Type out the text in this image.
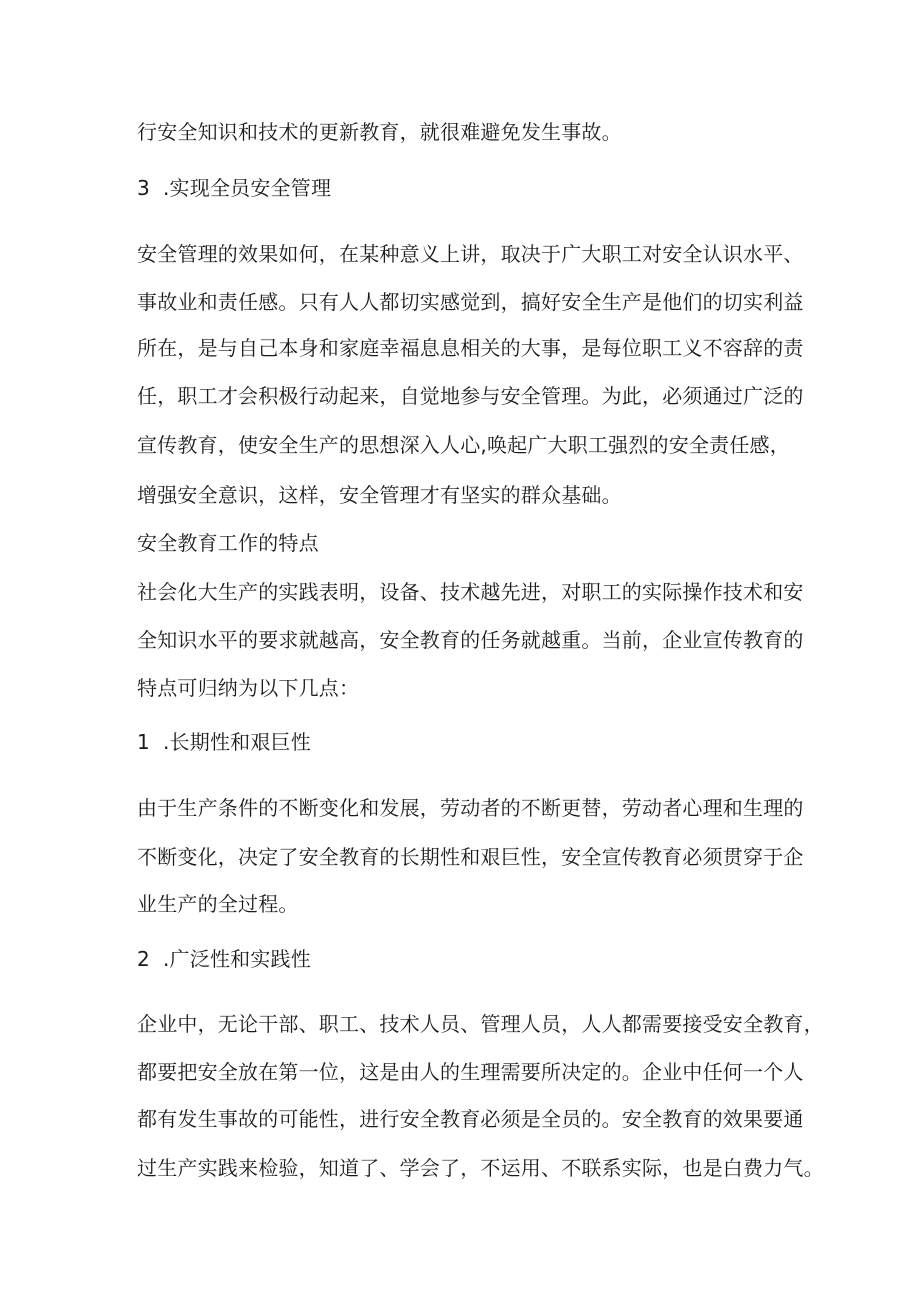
行安全知识和技术的更新教育，就很难避免发生事故。
3 .实现全员安全管理
安全管理的效果如何，在某种意义上讲，取决于广大职工对安全认识水平、
事故业和责任感。只有人人都切实感觉到，搞好安全生产是他们的切实利益
所在，是与自己本身和家庭幸福息息相关的大事，是每位职工义不容辞的责
任，职工才会积极行动起来，自觉地参与安全管理。为此，必须通过广泛的
宣传教育，使安全生产的思想深入人心,唤起广大职工强烈的安全责任感，
增强安全意识，这样，安全管理才有坚实的群众基础。
安全教育工作的特点
社会化大生产的实践表明，设备、技术越先进，对职工的实际操作技术和安
全知识水平的要求就越高，安全教育的任务就越重。当前，企业宣传教育的
特点可归纳为以下几点：
1 .长期性和艰巨性
由于生产条件的不断变化和发展，劳动者的不断更替，劳动者心理和生理的
不断变化，决定了安全教育的长期性和艰巨性，安全宣传教育必须贯穿于企
业生产的全过程。
2 .广泛性和实践性
企业中，无论干部、职工、技术人员、管理人员，人人都需要接受安全教育，
都要把安全放在第一位，这是由人的生理需要所决定的。企业中任何一个人
都有发生事故的可能性，进行安全教育必须是全员的。安全教育的效果要通
过生产实践来检验，知道了、学会了，不运用、不联系实际，也是白费力气。
